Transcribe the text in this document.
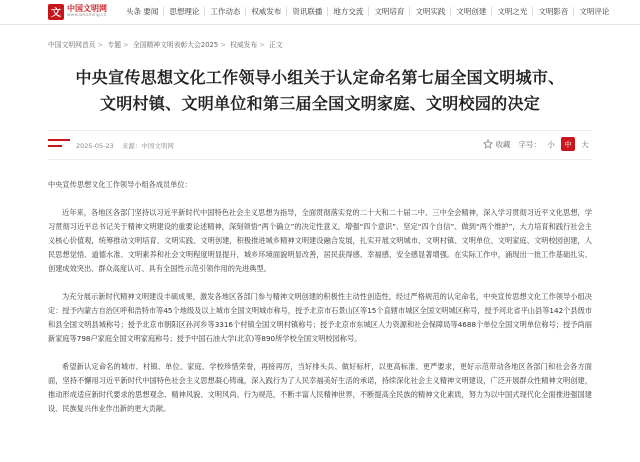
文 中国文明网
www.wenming.cn	头条 要闻	思想理论	工作动态	权威发布	资讯联播	地方交流	文明培育	文明实践	文明创建	文明之光	文明影音	文明评论
中国文明网首页 > 专题 > 全国精神文明表彰大会2025 > 权威发布 > 正文
中央宣传思想文化工作领导小组关于认定命名第七届全国文明城市、
文明村镇、文明单位和第三届全国文明家庭、文明校园的决定
2025-05-23 来源：中国文明网	收藏 字号： 小	中	大

中央宣传思想文化工作领导小组各成员单位：

近年来，各地区各部门坚持以习近平新时代中国特色社会主义思想为指导，全面贯彻落实党的二十大和二十届二中、三中全会精神，深入学习贯彻习近平文化思想，学习贯彻习近平总书记关于精神文明建设的重要论述精神，深刻领悟“两个确立”的决定性意义，增强“四个意识”、坚定“四个自信”、做到“两个维护”，大力培育和践行社会主义核心价值观，统筹推动文明培育、文明实践、文明创建，积极推进城乡精神文明建设融合发展，扎实开展文明城市、文明村镇、文明单位、文明家庭、文明校园创建，人民思想觉悟、道德水准、文明素养和社会文明程度明显提升，城乡环境面貌明显改善，居民获得感、幸福感、安全感显著增强。在实际工作中，涌现出一批工作基础扎实、创建成效突出、群众高度认可、具有全国性示范引领作用的先进典型。

为充分展示新时代精神文明建设丰硕成果，激发各地区各部门参与精神文明创建的积极性主动性创造性，经过严格规范的认定命名，中央宣传思想文化工作领导小组决定：授予内蒙古自治区呼和浩特市等45个地级及以上城市全国文明城市称号，授予北京市石景山区等15个直辖市城区全国文明城区称号，授予河北省平山县等142个县级市和县全国文明县城称号；授予北京市朝阳区孙河乡等3316个村镇全国文明村镇称号；授予北京市东城区人力资源和社会保障局等4688个单位全国文明单位称号；授予尚丽新家庭等798户家庭全国文明家庭称号；授予中国石油大学(北京)等890所学校全国文明校园称号。

希望新认定命名的城市、村镇、单位、家庭、学校珍惜荣誉，再接再厉，当好排头兵、做好标杆，以更高标准、更严要求，更好示范带动各地区各部门和社会各方面面，坚持不懈用习近平新时代中国特色社会主义思想凝心铸魂，深入践行为了人民幸福美好生活的承诺，持续深化社会主义精神文明建设，广泛开展群众性精神文明创建，推动形成适应新时代要求的思想观念、精神风貌、文明风尚、行为规范，不断丰富人民精神世界，不断提高全民族的精神文化素质，努力为以中国式现代化全面推进强国建设、民族复兴伟业作出新的更大贡献。
